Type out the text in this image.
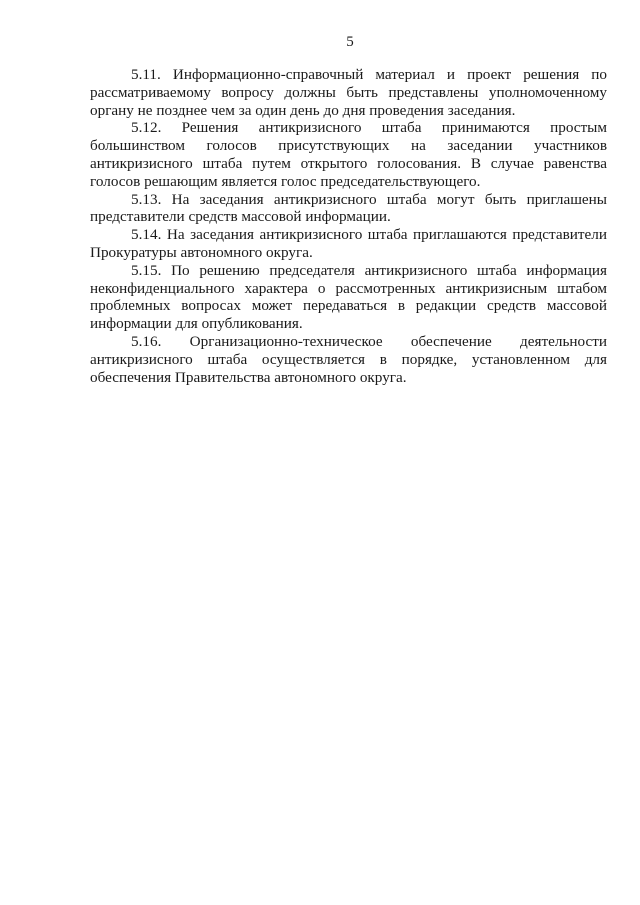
5

5.11. Информационно-справочный материал и проект решения по рассматриваемому вопросу должны быть представлены уполномоченному органу не позднее чем за один день до дня проведения заседания.

5.12. Решения антикризисного штаба принимаются простым большинством голосов присутствующих на заседании участников антикризисного штаба путем открытого голосования. В случае равенства голосов решающим является голос председательствующего.

5.13. На заседания антикризисного штаба могут быть приглашены представители средств массовой информации.

5.14. На заседания антикризисного штаба приглашаются представители Прокуратуры автономного округа.

5.15. По решению председателя антикризисного штаба информация неконфиденциального характера о рассмотренных антикризисным штабом проблемных вопросах может передаваться в редакции средств массовой информации для опубликования.

5.16. Организационно-техническое обеспечение деятельности антикризисного штаба осуществляется в порядке, установленном для обеспечения Правительства автономного округа.
